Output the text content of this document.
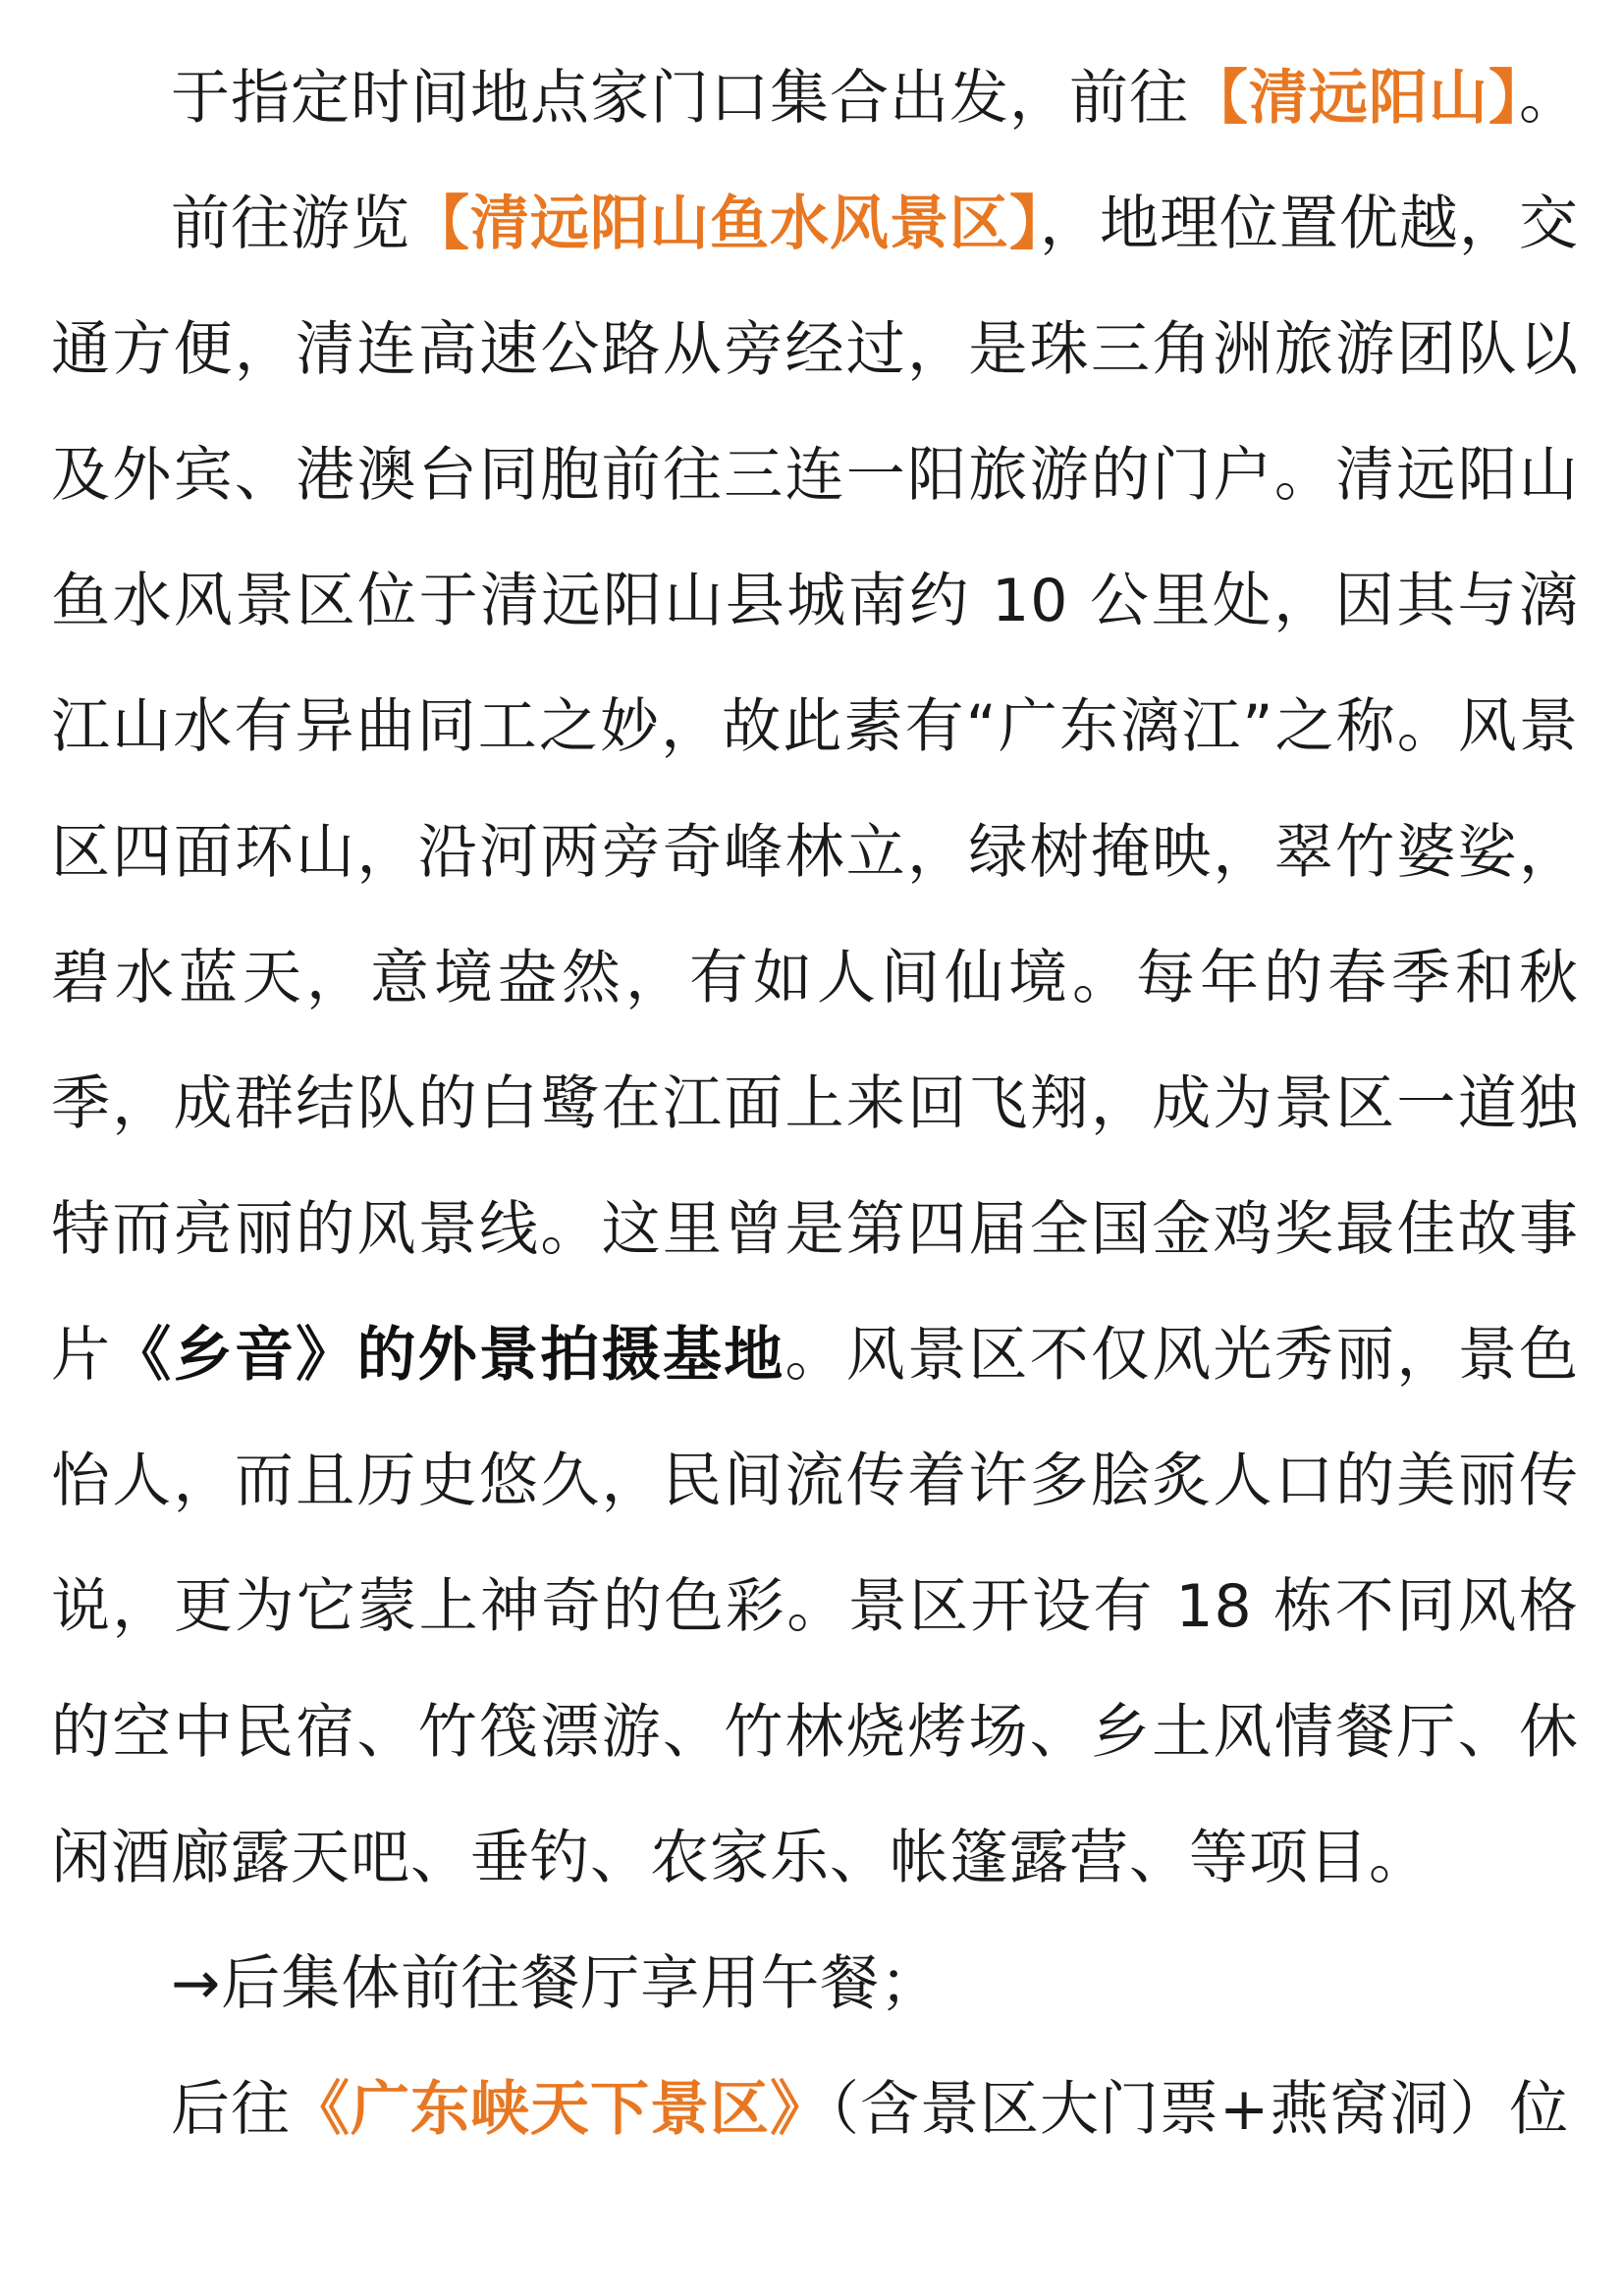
于指定时间地点家门口集合出发，前往【清远阳山】。

前往游览【清远阳山鱼水风景区】，地理位置优越，交通方便，清连高速公路从旁经过，是珠三角洲旅游团队以及外宾、港澳台同胞前往三连一阳旅游的门户。清远阳山鱼水风景区位于清远阳山县城南约 10 公里处，因其与漓江山水有异曲同工之妙，故此素有“广东漓江”之称。风景区四面环山，沿河两旁奇峰林立，绿树掩映，翠竹婆娑，碧水蓝天，意境盎然，有如人间仙境。每年的春季和秋季，成群结队的白鹭在江面上来回飞翔，成为景区一道独特而亮丽的风景线。这里曾是第四届全国金鸡奖最佳故事片《乡音》的外景拍摄基地。风景区不仅风光秀丽，景色怡人，而且历史悠久，民间流传着许多脍炙人口的美丽传说，更为它蒙上神奇的色彩。景区开设有 18 栋不同风格的空中民宿、竹筏漂游、竹林烧烤场、乡土风情餐厅、休闲酒廊露天吧、垂钓、农家乐、帐篷露营、等项目。

→后集体前往餐厅享用午餐；

后往《广东峡天下景区》（含景区大门票+燕窝洞）位
